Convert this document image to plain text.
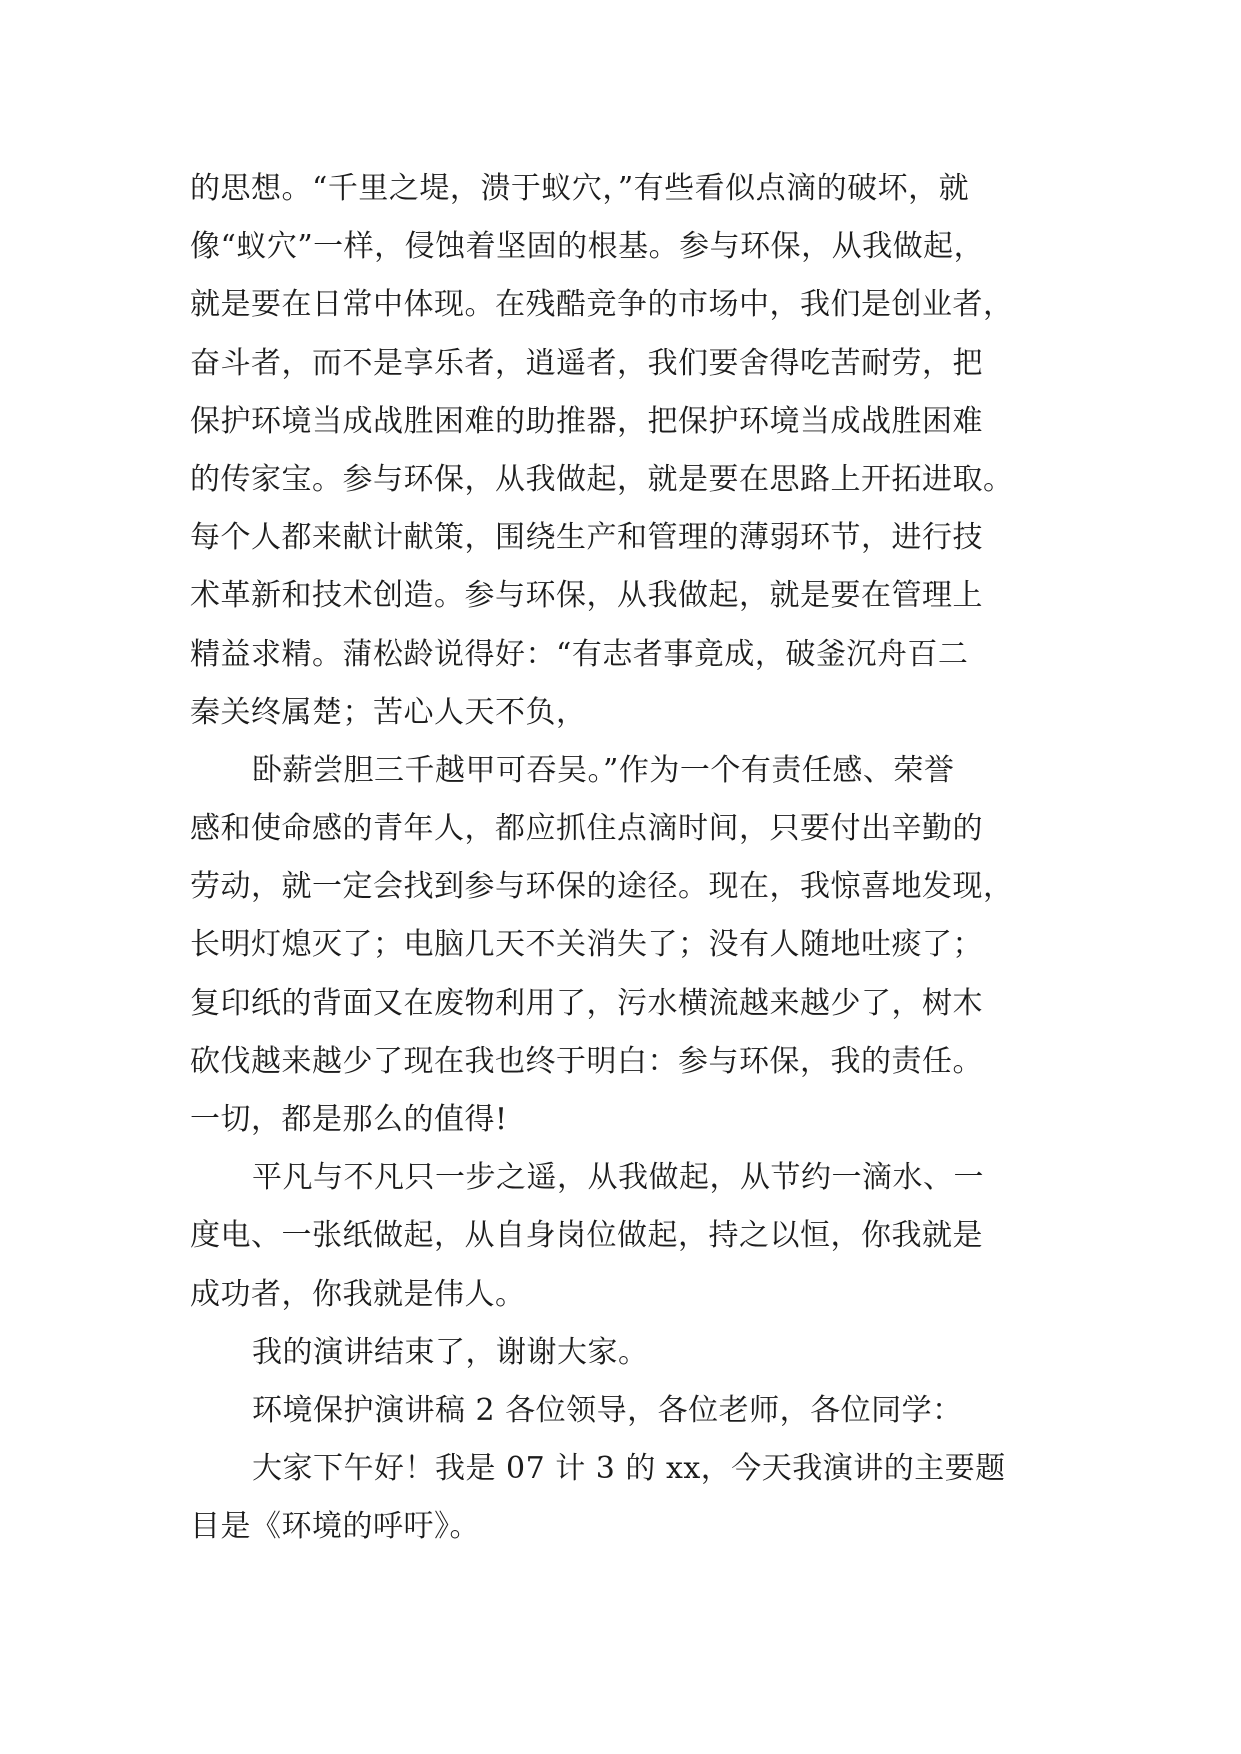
的思想。“千里之堤，溃于蚁穴，”有些看似点滴的破坏，就
像“蚁穴”一样，侵蚀着坚固的根基。参与环保，从我做起，
就是要在日常中体现。在残酷竞争的市场中，我们是创业者，
奋斗者，而不是享乐者，逍遥者，我们要舍得吃苦耐劳，把
保护环境当成战胜困难的助推器，把保护环境当成战胜困难
的传家宝。参与环保，从我做起，就是要在思路上开拓进取。
每个人都来献计献策，围绕生产和管理的薄弱环节，进行技
术革新和技术创造。参与环保，从我做起，就是要在管理上
精益求精。蒲松龄说得好：“有志者事竟成，破釜沉舟百二
秦关终属楚；苦心人天不负，
卧薪尝胆三千越甲可吞吴。”作为一个有责任感、荣誉
感和使命感的青年人，都应抓住点滴时间，只要付出辛勤的
劳动，就一定会找到参与环保的途径。现在，我惊喜地发现，
长明灯熄灭了；电脑几天不关消失了；没有人随地吐痰了；
复印纸的背面又在废物利用了，污水横流越来越少了，树木
砍伐越来越少了现在我也终于明白：参与环保，我的责任。
一切，都是那么的值得!
平凡与不凡只一步之遥，从我做起，从节约一滴水、一
度电、一张纸做起，从自身岗位做起，持之以恒，你我就是
成功者，你我就是伟人。
我的演讲结束了，谢谢大家。
环境保护演讲稿 2 各位领导，各位老师，各位同学：
大家下午好！我是 07 计 3 的 xx，今天我演讲的主要题
目是《环境的呼吁》。
